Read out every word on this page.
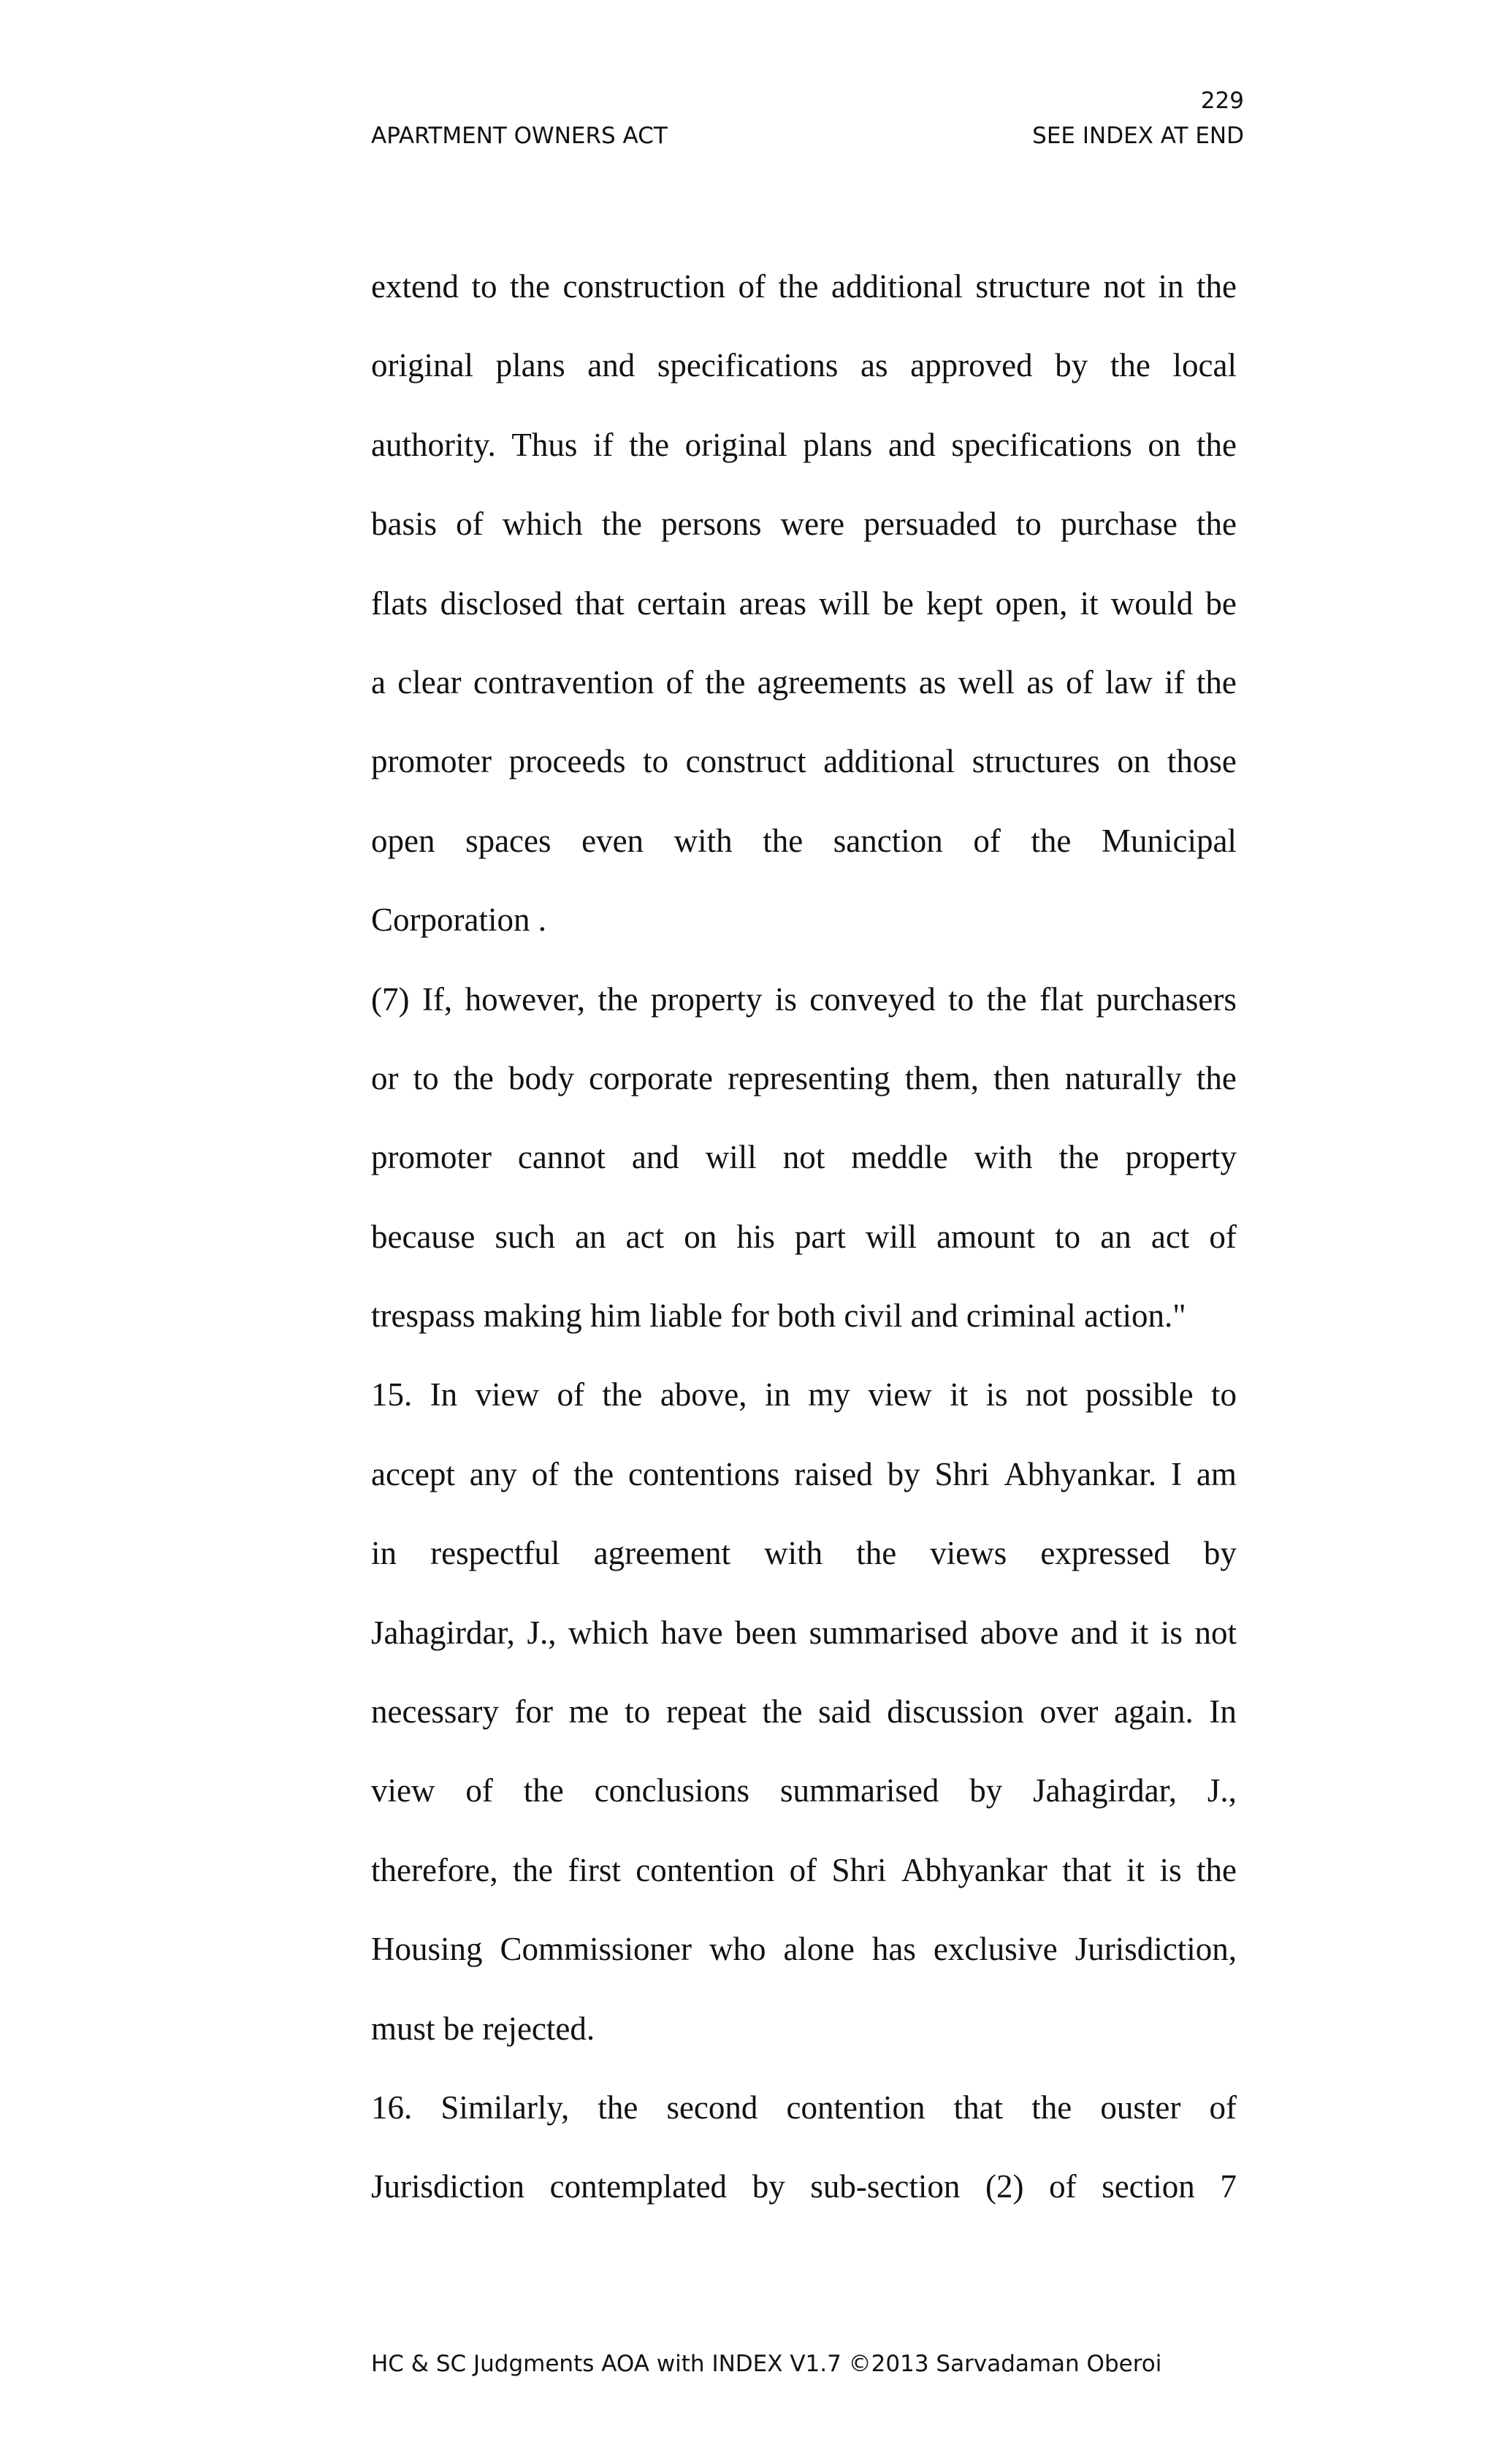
229
APARTMENT OWNERS ACT	SEE INDEX AT END
extend to the construction of the additional structure not in the
original plans and specifications as approved by the local
authority. Thus if the original plans and specifications on the
basis of which the persons were persuaded to purchase the
flats disclosed that certain areas will be kept open, it would be
a clear contravention of the agreements as well as of law if the
promoter proceeds to construct additional structures on those
open spaces even with the sanction of the Municipal
Corporation .
(7) If, however, the property is conveyed to the flat purchasers
or to the body corporate representing them, then naturally the
promoter cannot and will not meddle with the property
because such an act on his part will amount to an act of
trespass making him liable for both civil and criminal action."
15. In view of the above, in my view it is not possible to
accept any of the contentions raised by Shri Abhyankar. I am
in respectful agreement with the views expressed by
Jahagirdar, J., which have been summarised above and it is not
necessary for me to repeat the said discussion over again. In
view of the conclusions summarised by Jahagirdar, J.,
therefore, the first contention of Shri Abhyankar that it is the
Housing Commissioner who alone has exclusive Jurisdiction,
must be rejected.
16. Similarly, the second contention that the ouster of
Jurisdiction contemplated by sub-section (2) of section 7
HC & SC Judgments AOA with INDEX V1.7 ©2013 Sarvadaman Oberoi
